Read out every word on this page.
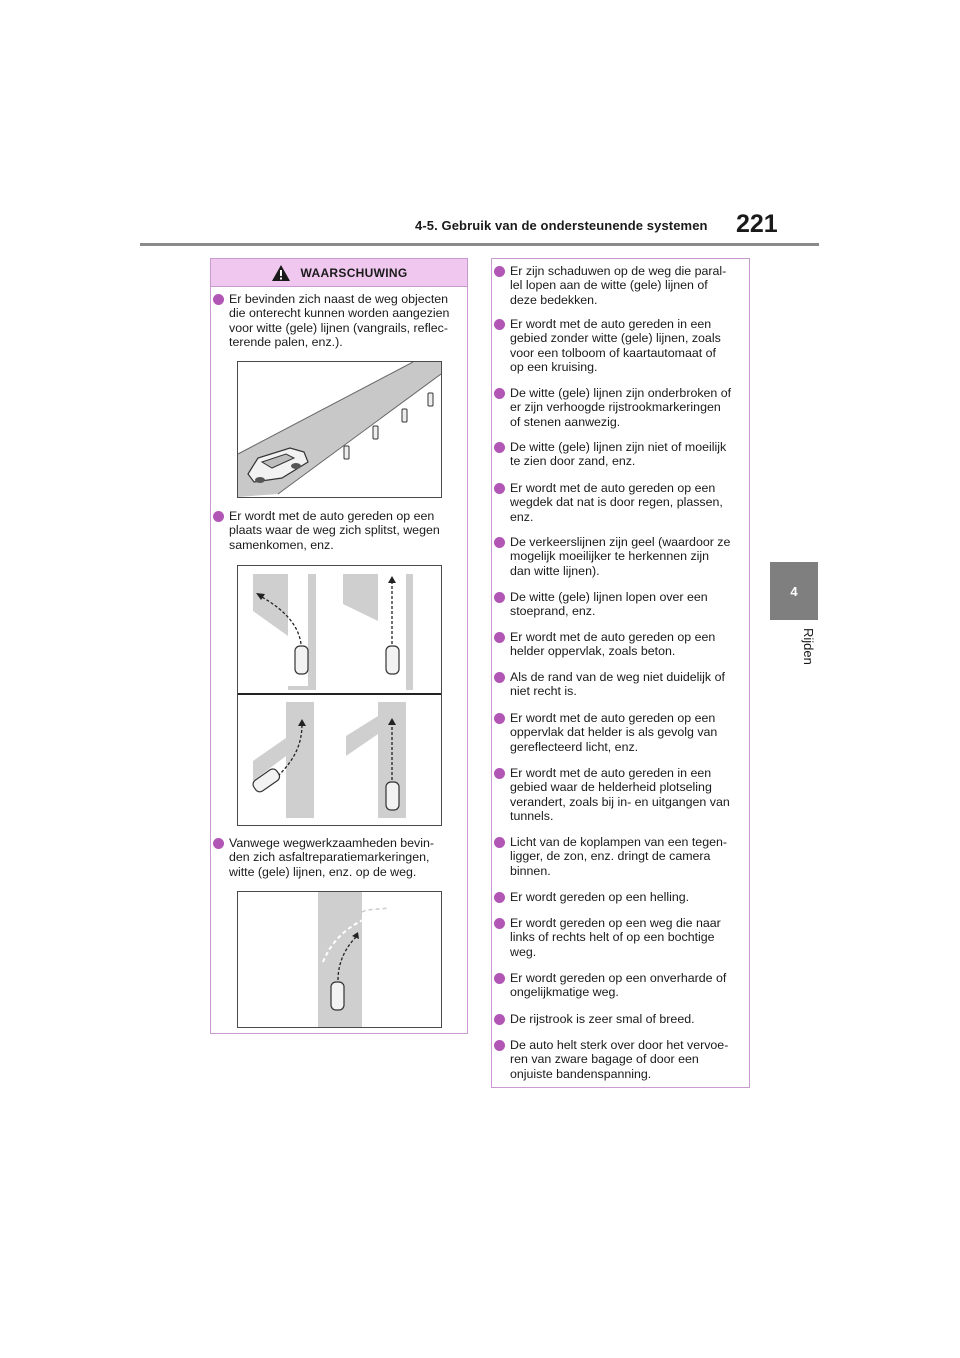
4-5. Gebruik van de ondersteunende systemen 221
4
Rijden
WAARSCHUWING
Er bevinden zich naast de weg objecten
die onterecht kunnen worden aangezien
voor witte (gele) lijnen (vangrails, reflec-
terende palen, enz.).
Er wordt met de auto gereden op een
plaats waar de weg zich splitst, wegen
samenkomen, enz.
Vanwege wegwerkzaamheden bevin-
den zich asfaltreparatiemarkeringen,
witte (gele) lijnen, enz. op de weg.
Er zijn schaduwen op de weg die paral-
lel lopen aan de witte (gele) lijnen of
deze bedekken.
Er wordt met de auto gereden in een
gebied zonder witte (gele) lijnen, zoals
voor een tolboom of kaartautomaat of
op een kruising.
De witte (gele) lijnen zijn onderbroken of
er zijn verhoogde rijstrookmarkeringen
of stenen aanwezig.
De witte (gele) lijnen zijn niet of moeilijk
te zien door zand, enz.
Er wordt met de auto gereden op een
wegdek dat nat is door regen, plassen,
enz.
De verkeerslijnen zijn geel (waardoor ze
mogelijk moeilijker te herkennen zijn
dan witte lijnen).
De witte (gele) lijnen lopen over een
stoeprand, enz.
Er wordt met de auto gereden op een
helder oppervlak, zoals beton.
Als de rand van de weg niet duidelijk of
niet recht is.
Er wordt met de auto gereden op een
oppervlak dat helder is als gevolg van
gereflecteerd licht, enz.
Er wordt met de auto gereden in een
gebied waar de helderheid plotseling
verandert, zoals bij in- en uitgangen van
tunnels.
Licht van de koplampen van een tegen-
ligger, de zon, enz. dringt de camera
binnen.
Er wordt gereden op een helling.
Er wordt gereden op een weg die naar
links of rechts helt of op een bochtige
weg.
Er wordt gereden op een onverharde of
ongelijkmatige weg.
De rijstrook is zeer smal of breed.
De auto helt sterk over door het vervoe-
ren van zware bagage of door een
onjuiste bandenspanning.
